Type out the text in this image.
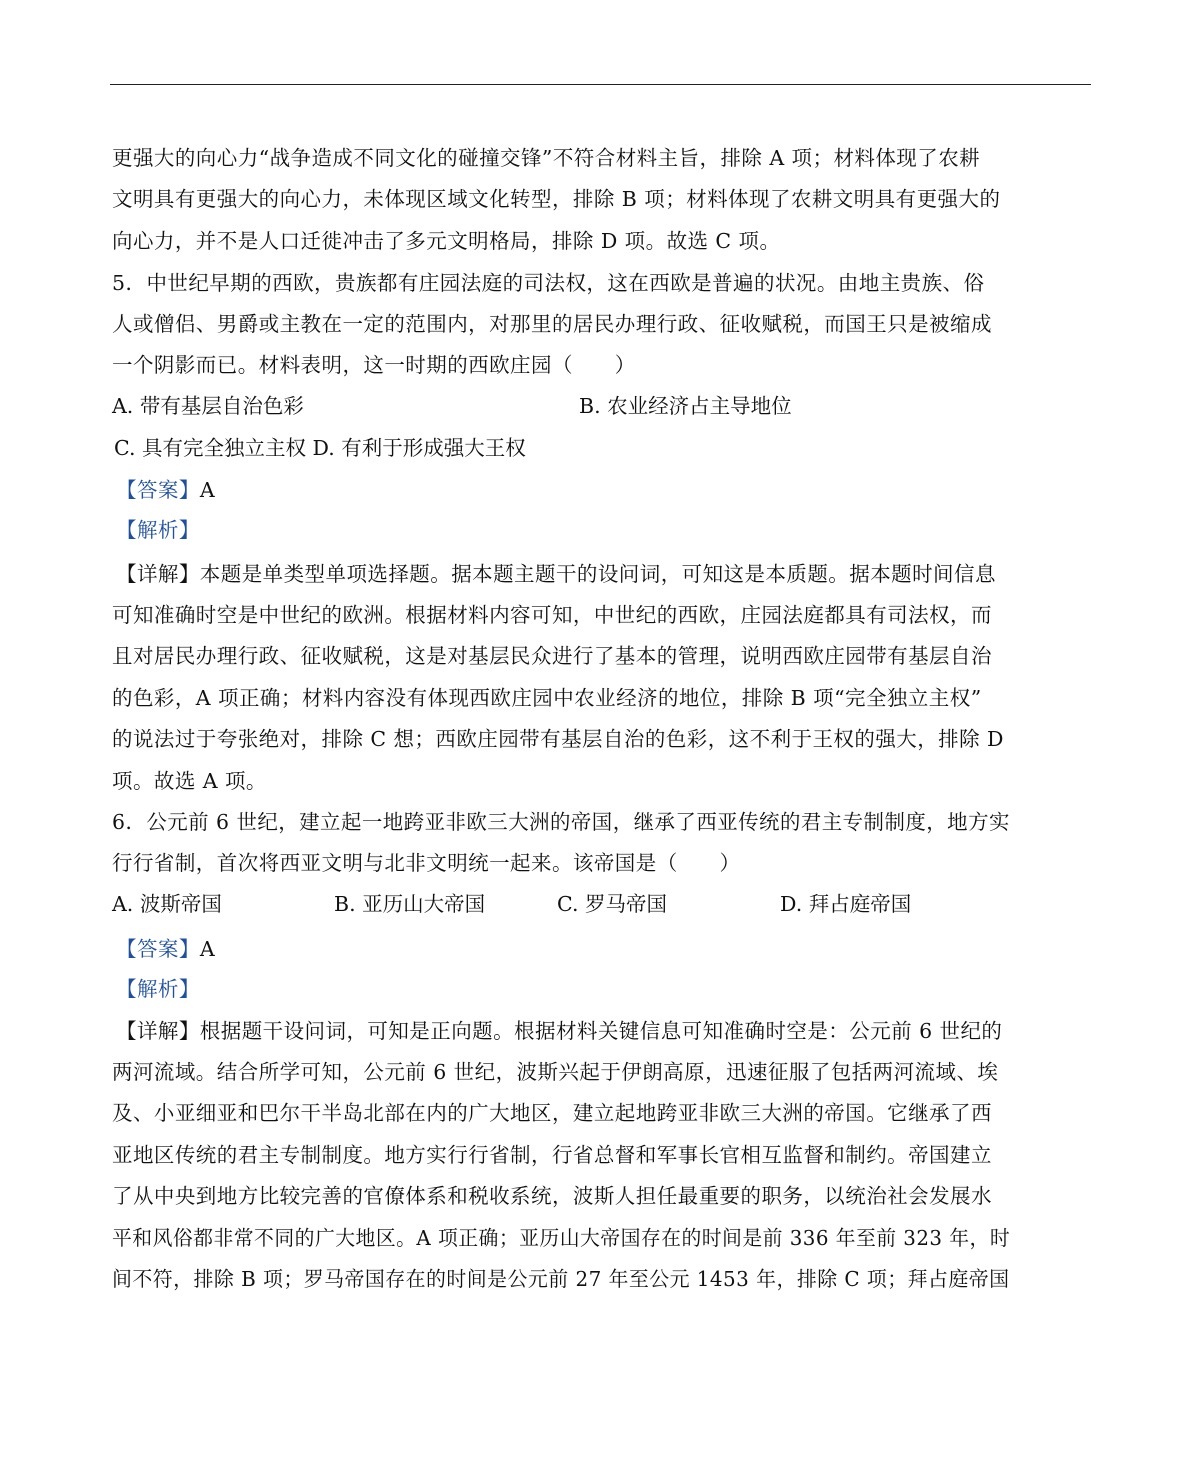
更强大的向心力“战争造成不同文化的碰撞交锋”不符合材料主旨，排除 A 项；材料体现了农耕
文明具有更强大的向心力，未体现区域文化转型，排除 B 项；材料体现了农耕文明具有更强大的
向心力，并不是人口迁徙冲击了多元文明格局，排除 D 项。故选 C 项。
5．中世纪早期的西欧，贵族都有庄园法庭的司法权，这在西欧是普遍的状况。由地主贵族、俗
人或僧侣、男爵或主教在一定的范围内，对那里的居民办理行政、征收赋税，而国王只是被缩成
一个阴影而已。材料表明，这一时期的西欧庄园（　　）
A. 带有基层自治色彩	B. 农业经济占主导地位
C. 具有完全独立主权 D. 有利于形成强大王权
【答案】A
【解析】
【详解】本题是单类型单项选择题。据本题主题干的设问词，可知这是本质题。据本题时间信息
可知准确时空是中世纪的欧洲。根据材料内容可知，中世纪的西欧，庄园法庭都具有司法权，而
且对居民办理行政、征收赋税，这是对基层民众进行了基本的管理，说明西欧庄园带有基层自治
的色彩，A 项正确；材料内容没有体现西欧庄园中农业经济的地位，排除 B 项“完全独立主权”
的说法过于夸张绝对，排除 C 想；西欧庄园带有基层自治的色彩，这不利于王权的强大，排除 D
项。故选 A 项。
6．公元前 6 世纪，建立起一地跨亚非欧三大洲的帝国，继承了西亚传统的君主专制制度，地方实
行行省制，首次将西亚文明与北非文明统一起来。该帝国是（　　）
A. 波斯帝国	B. 亚历山大帝国	C. 罗马帝国	D. 拜占庭帝国
【答案】A
【解析】
【详解】根据题干设问词，可知是正向题。根据材料关键信息可知准确时空是：公元前 6 世纪的
两河流域。结合所学可知，公元前 6 世纪，波斯兴起于伊朗高原，迅速征服了包括两河流域、埃
及、小亚细亚和巴尔干半岛北部在内的广大地区，建立起地跨亚非欧三大洲的帝国。它继承了西
亚地区传统的君主专制制度。地方实行行省制，行省总督和军事长官相互监督和制约。帝国建立
了从中央到地方比较完善的官僚体系和税收系统，波斯人担任最重要的职务，以统治社会发展水
平和风俗都非常不同的广大地区。A 项正确；亚历山大帝国存在的时间是前 336 年至前 323 年，时
间不符，排除 B 项；罗马帝国存在的时间是公元前 27 年至公元 1453 年，排除 C 项；拜占庭帝国
